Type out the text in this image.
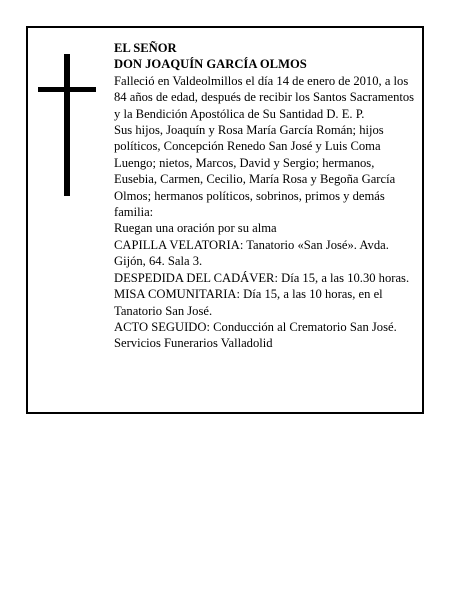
EL SEÑOR

DON JOAQUÍN GARCÍA OLMOS

Falleció en Valdeolmillos el día 14 de enero de 2010, a los 84 años de edad, después de recibir los Santos Sacramentos y la Bendición Apostólica de Su Santidad D. E. P.

Sus hijos, Joaquín y Rosa María García Román; hijos políticos, Concepción Renedo San José y Luis Coma Luengo; nietos, Marcos, David y Sergio; hermanos, Eusebia, Carmen, Cecilio, María Rosa y Begoña García Olmos; hermanos políticos, sobrinos, primos y demás familia:

Ruegan una oración por su alma

CAPILLA VELATORIA: Tanatorio «San José». Avda. Gijón, 64. Sala 3.

DESPEDIDA DEL CADÁVER: Día 15, a las 10.30 horas.

MISA COMUNITARIA: Día 15, a las 10 horas, en el Tanatorio San José.

ACTO SEGUIDO: Conducción al Crematorio San José.

Servicios Funerarios Valladolid
